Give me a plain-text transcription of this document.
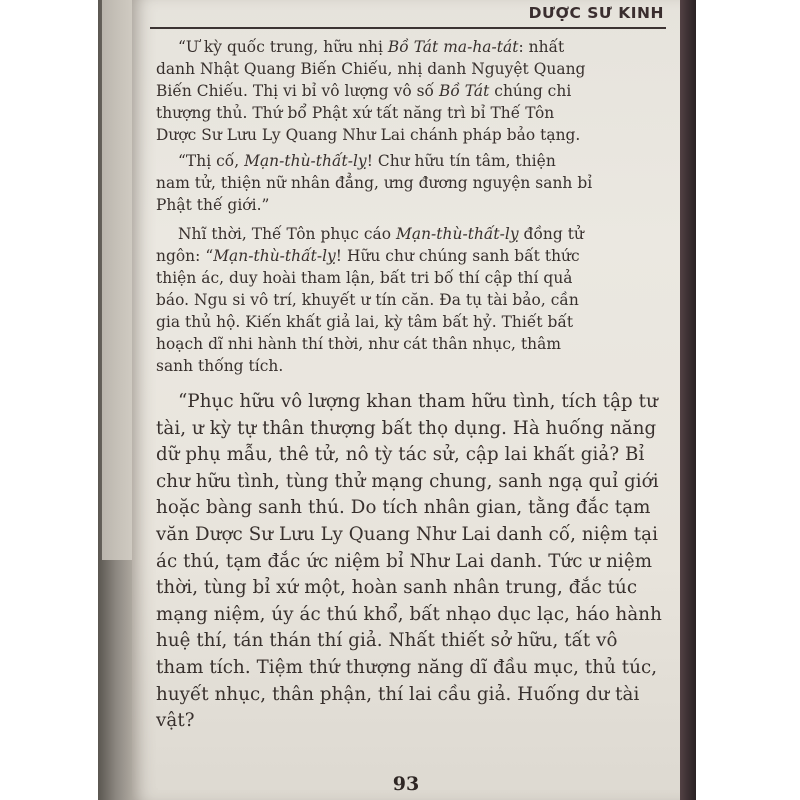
DƯỢC SƯ KINH
“Ư kỳ quốc trung, hữu nhị Bồ Tát ma-ha-tát: nhất
danh Nhật Quang Biến Chiếu, nhị danh Nguyệt Quang
Biến Chiếu. Thị vi bỉ vô lượng vô số Bồ Tát chúng chi
thượng thủ. Thứ bổ Phật xứ tất năng trì bỉ Thế Tôn
Dược Sư Lưu Ly Quang Như Lai chánh pháp bảo tạng.
“Thị cố, Mạn-thù-thất-lỵ! Chư hữu tín tâm, thiện
nam tử, thiện nữ nhân đẳng, ưng đương nguyện sanh bỉ
Phật thế giới.”
Nhĩ thời, Thế Tôn phục cáo Mạn-thù-thất-lỵ đồng tử
ngôn: “Mạn-thù-thất-lỵ! Hữu chư chúng sanh bất thức
thiện ác, duy hoài tham lận, bất tri bố thí cập thí quả
báo. Ngu si vô trí, khuyết ư tín căn. Đa tụ tài bảo, cần
gia thủ hộ. Kiến khất giả lai, kỳ tâm bất hỷ. Thiết bất
hoạch dĩ nhi hành thí thời, như cát thân nhục, thâm
sanh thống tích.
“Phục hữu vô lượng khan tham hữu tình, tích tập tư
tài, ư kỳ tự thân thượng bất thọ dụng. Hà huống năng
dữ phụ mẫu, thê tử, nô tỳ tác sử, cập lai khất giả? Bỉ
chư hữu tình, tùng thử mạng chung, sanh ngạ quỉ giới
hoặc bàng sanh thú. Do tích nhân gian, tằng đắc tạm
văn Dược Sư Lưu Ly Quang Như Lai danh cố, niệm tại
ác thú, tạm đắc ức niệm bỉ Như Lai danh. Tức ư niệm
thời, tùng bỉ xứ một, hoàn sanh nhân trung, đắc túc
mạng niệm, úy ác thú khổ, bất nhạo dục lạc, háo hành
huệ thí, tán thán thí giả. Nhất thiết sở hữu, tất vô
tham tích. Tiệm thứ thượng năng dĩ đầu mục, thủ túc,
huyết nhục, thân phận, thí lai cầu giả. Huống dư tài
vật?
93
